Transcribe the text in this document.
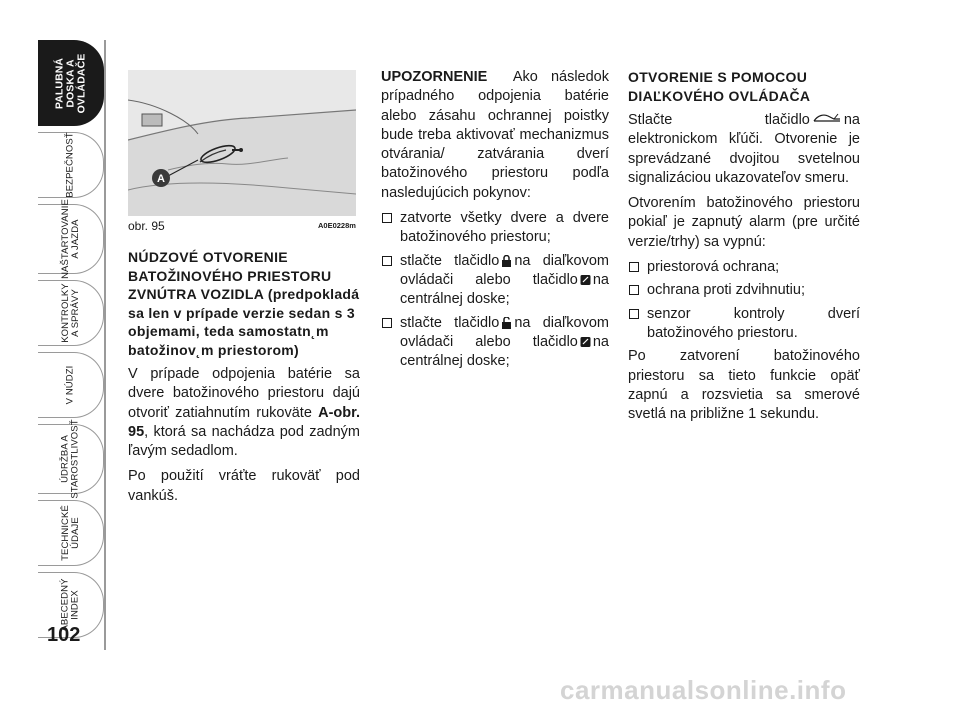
PALUBNÁ
DOSKA A
OVLÁDAČE
BEZPEČNOSŤ
NAŠTARTOVANIE
A JAZDA
KONTROLKY
A SPRÁVY
V NÚDZI
ÚDRŽBA A
STAROSTLIVOSŤ
TECHNICKÉ
ÚDAJE
ABECEDNÝ
INDEX
102
A
obr. 95	A0E0228m
NÚDZOVÉ OTVORENIE BATOŽINOVÉHO PRIESTORU ZVNÚTRA VOZIDLA (predpokladá sa len v prípade verzie sedan s 3 objemami, teda samostatn˛m batožinov˛m priestorom)
V prípade odpojenia batérie sa dvere batožinového priestoru dajú otvoriť zatiahnutím rukoväte A-obr. 95, ktorá sa nachádza pod zadným ľavým sedadlom.
Po použití vráťte rukoväť pod vankúš.
UPOZORNENIE Ako následok prípadného odpojenia batérie alebo zásahu ochrannej poistky bude treba aktivovať mechanizmus otvárania/ zatvárania dverí batožinového priestoru podľa nasledujúcich pokynov:
zatvorte všetky dvere a dvere batožinového priestoru;
stlačte tlačidlo na diaľkovom ovládači alebo tlačidlo na centrálnej doske;
stlačte tlačidlo na diaľkovom ovládači alebo tlačidlo na centrálnej doske;
OTVORENIE S POMOCOU DIAĽKOVÉHO OVLÁDAČA
Stlačte tlačidlo na elektronickom kľúči. Otvorenie je sprevádzané dvojitou svetelnou signalizáciou ukazovateľov smeru.
Otvorením batožinového priestoru pokiaľ je zapnutý alarm (pre určité verzie/trhy) sa vypnú:
priestorová ochrana;
ochrana proti zdvihnutiu;
senzor kontroly dverí batožinového priestoru.
Po zatvorení batožinového priestoru sa tieto funkcie opäť zapnú a rozsvietia sa smerové svetlá na približne 1 sekundu.
carmanualsonline.info
